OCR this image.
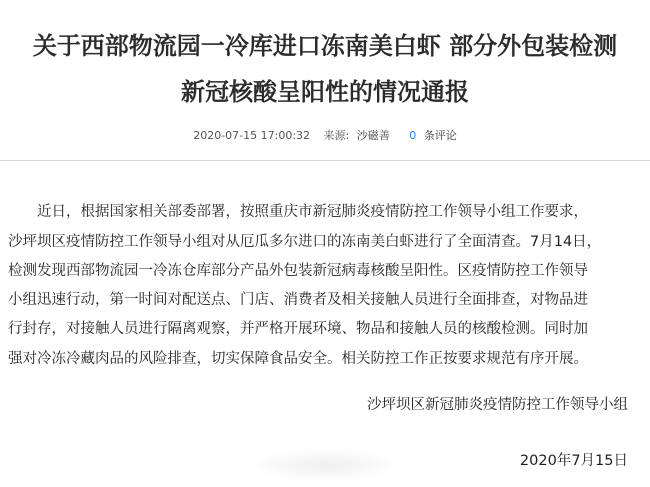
关于西部物流园一冷库进口冻南美白虾 部分外包装检测
新冠核酸呈阳性的情况通报
2020-07-15 17:00:32 来源: 沙磁善 0 条评论
　　近日，根据国家相关部委部署，按照重庆市新冠肺炎疫情防控工作领导小组工作要求，
沙坪坝区疫情防控工作领导小组对从厄瓜多尔进口的冻南美白虾进行了全面清查。7月14日，
检测发现西部物流园一冷冻仓库部分产品外包装新冠病毒核酸呈阳性。区疫情防控工作领导
小组迅速行动，第一时间对配送点、门店、消费者及相关接触人员进行全面排查，对物品进
行封存，对接触人员进行隔离观察，并严格开展环境、物品和接触人员的核酸检测。同时加
强对冷冻冷藏肉品的风险排查，切实保障食品安全。相关防控工作正按要求规范有序开展。
沙坪坝区新冠肺炎疫情防控工作领导小组
2020年7月15日
